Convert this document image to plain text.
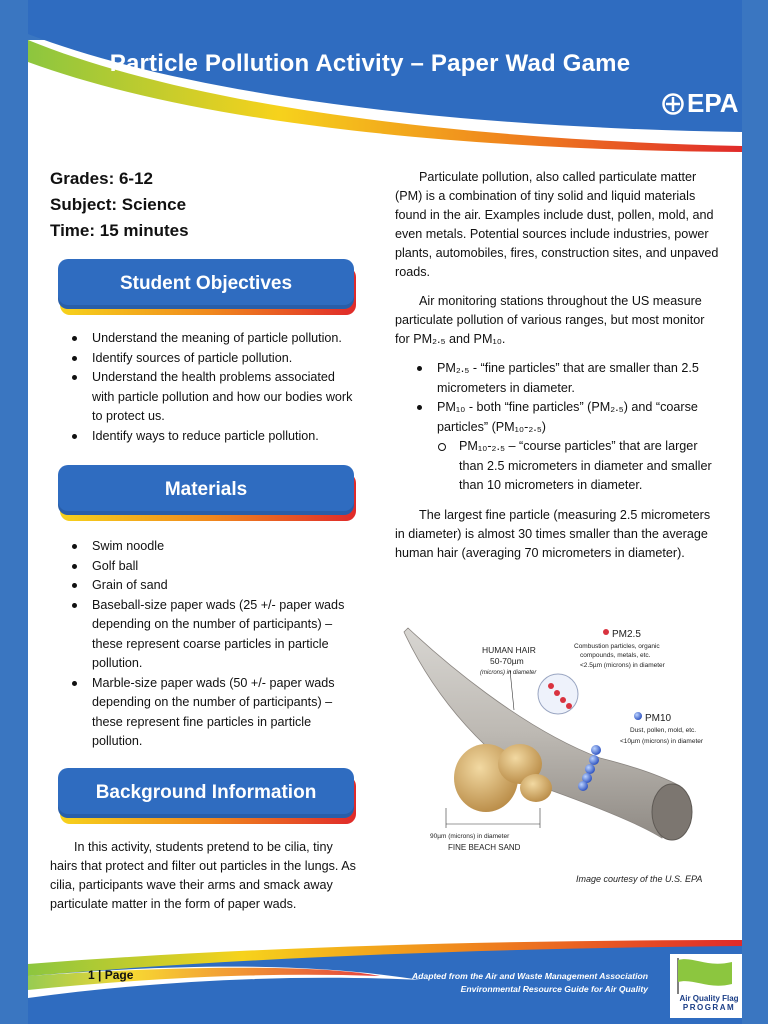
Particle Pollution Activity – Paper Wad Game
EPA
Grades: 6-12
Subject: Science
Time: 15 minutes
Student Objectives
Understand the meaning of particle pollution.
Identify sources of particle pollution.
Understand the health problems associated with particle pollution and how our bodies work to protect us.
Identify ways to reduce particle pollution.
Materials
Swim noodle
Golf ball
Grain of sand
Baseball-size paper wads (25 +/- paper wads depending on the number of participants) – these represent coarse particles in particle pollution.
Marble-size paper wads (50 +/- paper wads depending on the number of participants) – these represent fine particles in particle pollution.
Background Information

In this activity, students pretend to be cilia, tiny hairs that protect and filter out particles in the lungs. As cilia, participants wave their arms and smack away particulate matter in the form of paper wads.

Particulate pollution, also called particulate matter (PM) is a combination of tiny solid and liquid materials found in the air. Examples include dust, pollen, mold, and even metals. Potential sources include industries, power plants, automobiles, fires, construction sites, and unpaved roads.

Air monitoring stations throughout the US measure particulate pollution of various ranges, but most monitor for PM₂.₅ and PM₁₀.

PM₂.₅ - “fine particles” that are smaller than 2.5 micrometers in diameter.
PM₁₀ - both “fine particles” (PM₂.₅) and “coarse particles” (PM₁₀-₂.₅)
PM₁₀-₂.₅ – “course particles” that are larger than 2.5 micrometers in diameter and smaller than 10 micrometers in diameter.

The largest fine particle (measuring 2.5 micrometers in diameter) is almost 30 times smaller than the average human hair (averaging 70 micrometers in diameter).

HUMAN HAIR
50-70µm
(microns) in diameter
PM2.5
Combustion particles, organic
compounds, metals, etc.
<2.5µm (microns) in diameter
PM10
Dust, pollen, mold, etc.
<10µm (microns) in diameter
90µm (microns) in diameter
FINE BEACH SAND
Image courtesy of the U.S. EPA
1 | Page	Adapted from the Air and Waste Management Association
Environmental Resource Guide for Air Quality
Air Quality Flag
PROGRAM
